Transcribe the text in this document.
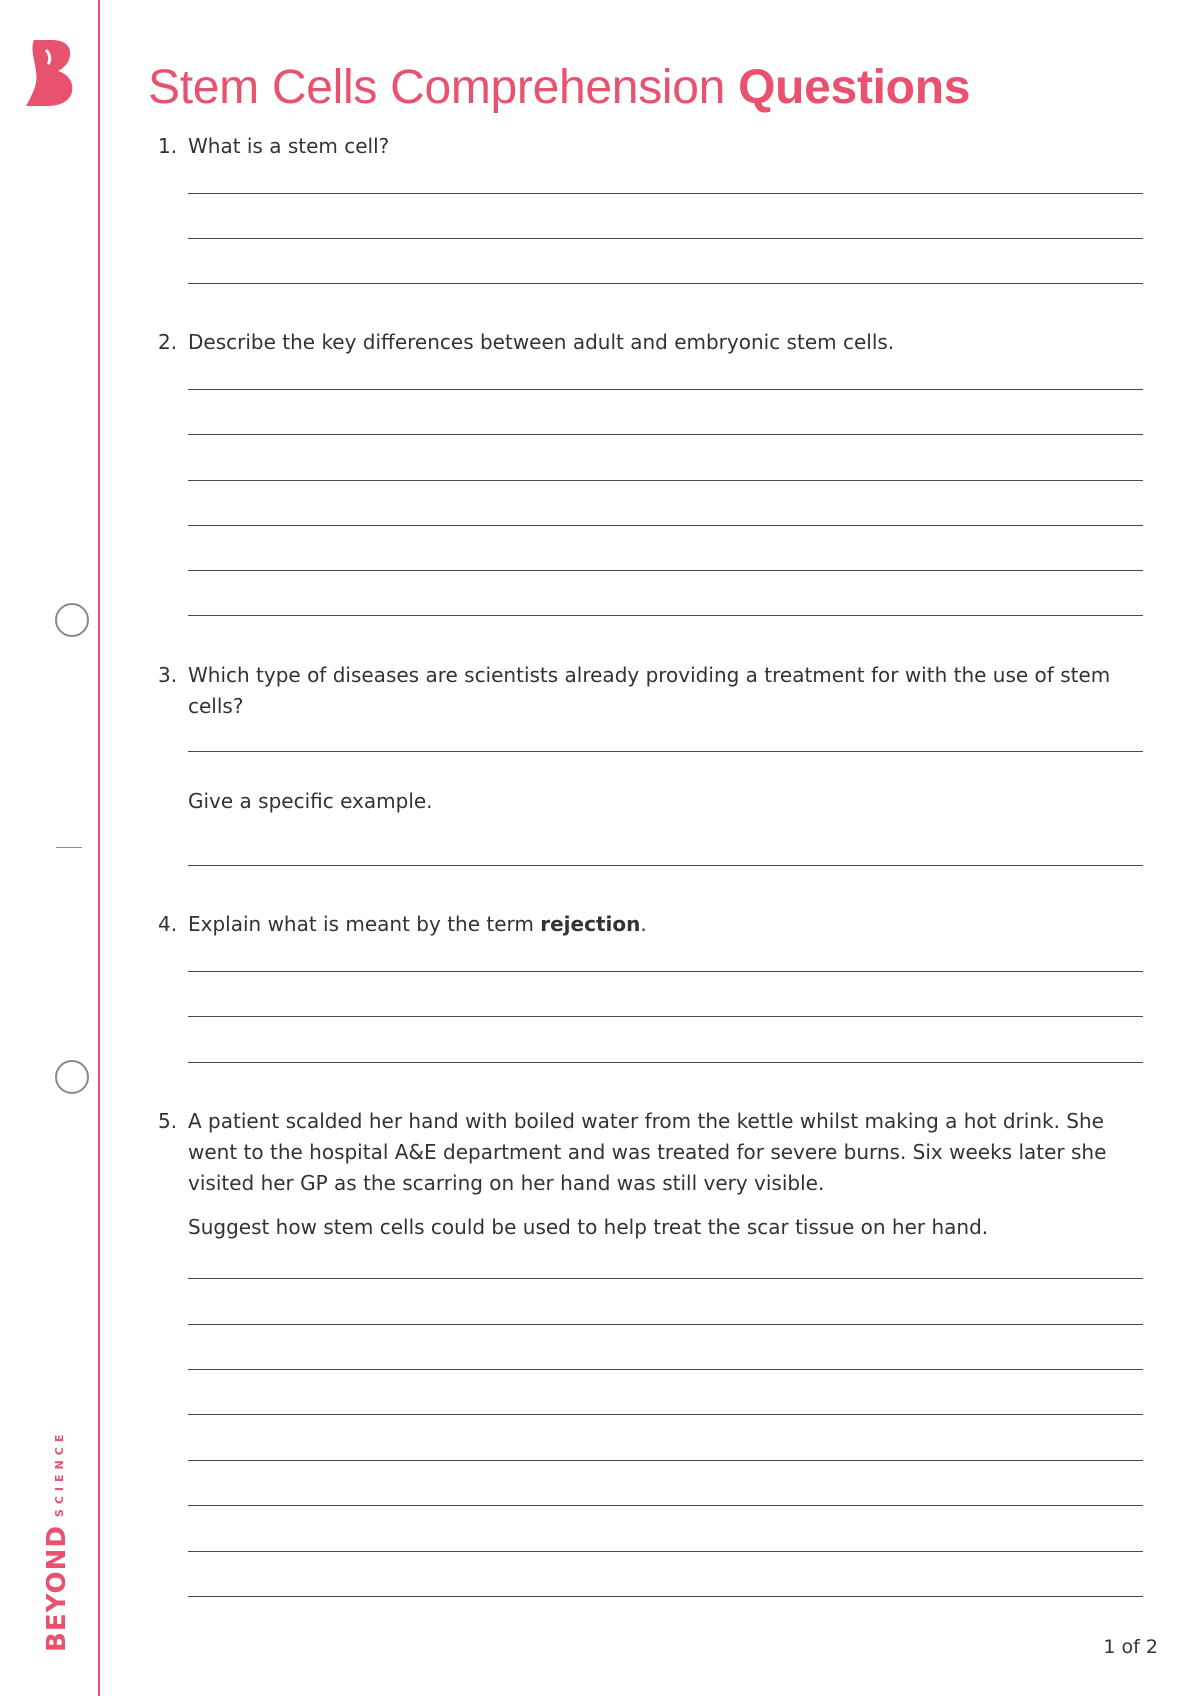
BEYONDSCIENCE
Stem Cells Comprehension Questions
1. What is a stem cell?
2. Describe the key differences between adult and embryonic stem cells.
3. Which type of diseases are scientists already providing a treatment for with the use of stem cells?
Give a specific example.
4. Explain what is meant by the term rejection.
5. A patient scalded her hand with boiled water from the kettle whilst making a hot drink. She went to the hospital A&E department and was treated for severe burns. Six weeks later she visited her GP as the scarring on her hand was still very visible.
Suggest how stem cells could be used to help treat the scar tissue on her hand.
1 of 2
